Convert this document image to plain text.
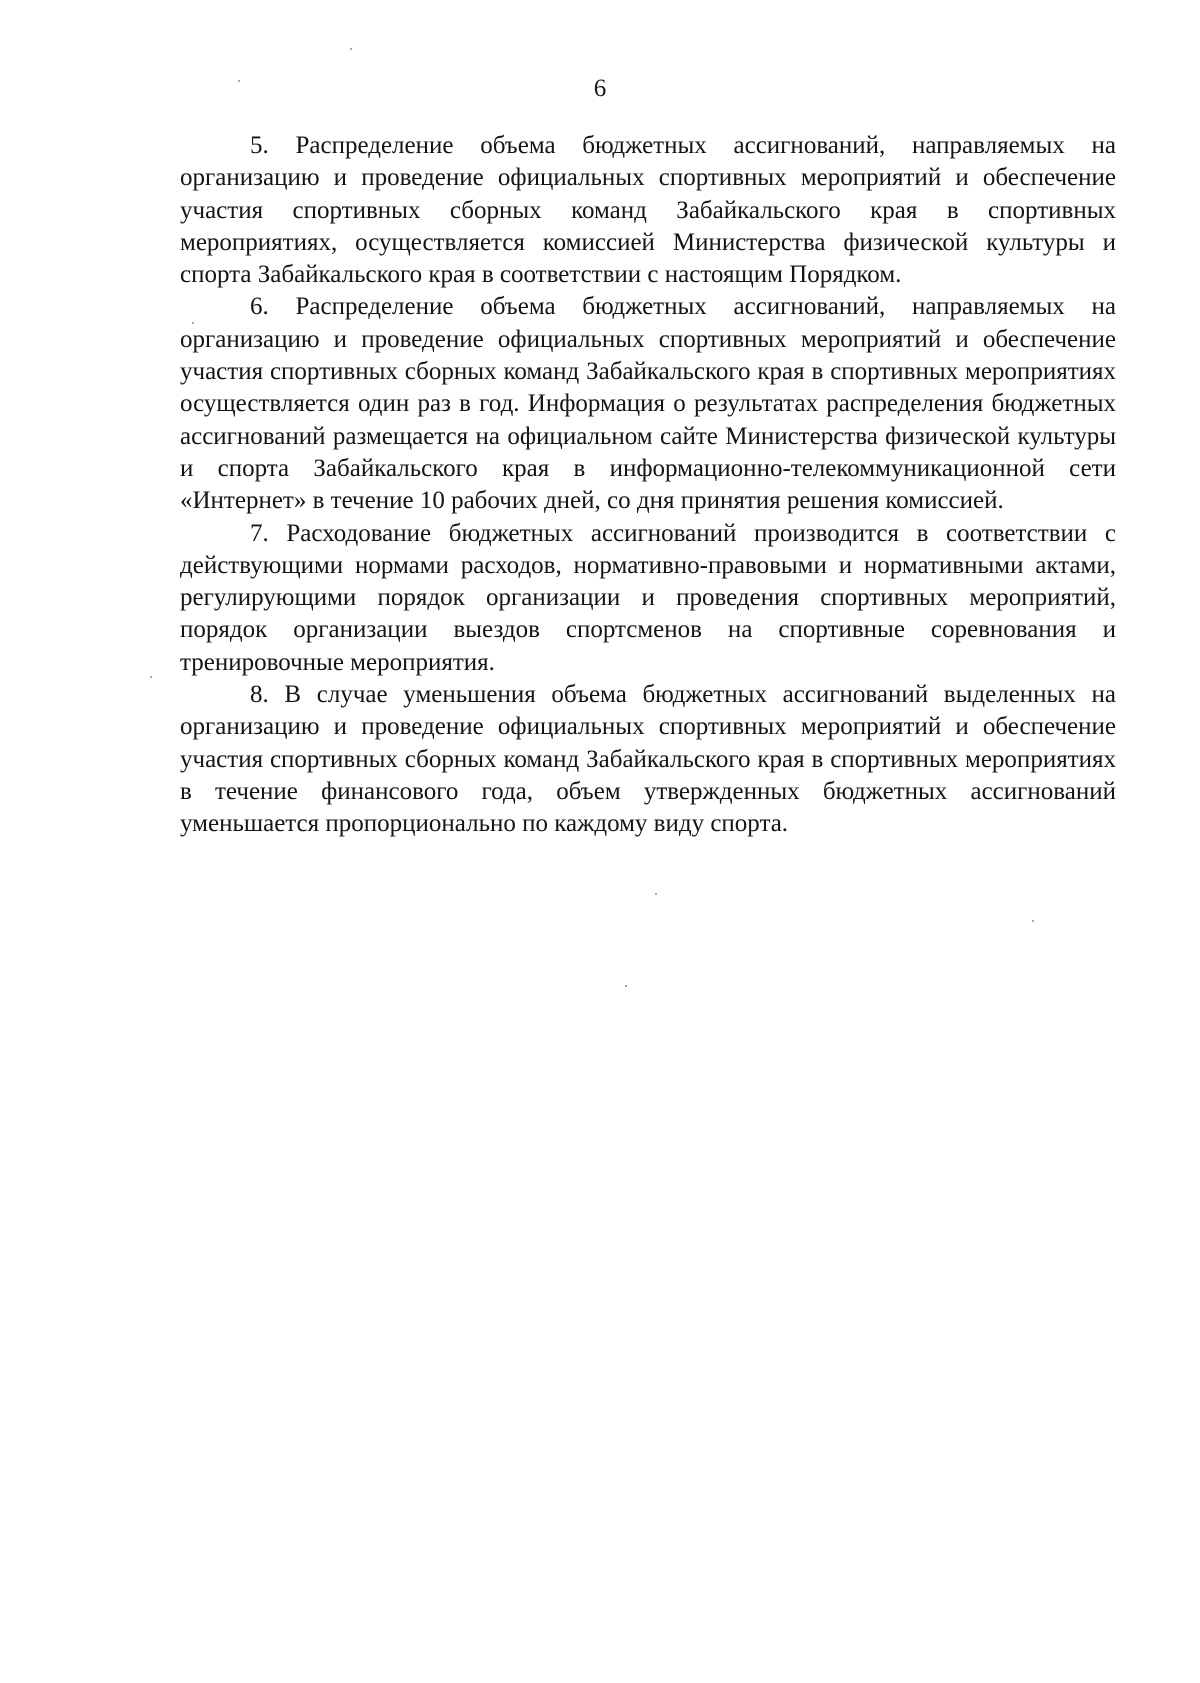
6

5. Распределение объема бюджетных ассигнований, направляемых на организацию и проведение официальных спортивных мероприятий и обеспечение участия спортивных сборных команд Забайкальского края в спортивных мероприятиях, осуществляется комиссией Министерства физической культуры и спорта Забайкальского края в соответствии с настоящим Порядком.

6. Распределение объема бюджетных ассигнований, направляемых на организацию и проведение официальных спортивных мероприятий и обеспечение участия спортивных сборных команд Забайкальского края в спортивных мероприятиях осуществляется один раз в год. Информация о результатах распределения бюджетных ассигнований размещается на официальном сайте Министерства физической культуры и спорта Забайкальского края в информационно-телекоммуникационной сети «Интернет» в течение 10 рабочих дней, со дня принятия решения комиссией.

7. Расходование бюджетных ассигнований производится в соответствии с действующими нормами расходов, нормативно-правовыми и нормативными актами, регулирующими порядок организации и проведения спортивных мероприятий, порядок организации выездов спортсменов на спортивные соревнования и тренировочные мероприятия.

8. В случае уменьшения объема бюджетных ассигнований выделенных на организацию и проведение официальных спортивных мероприятий и обеспечение участия спортивных сборных команд Забайкальского края в спортивных мероприятиях в течение финансового года, объем утвержденных бюджетных ассигнований уменьшается пропорционально по каждому виду спорта.
